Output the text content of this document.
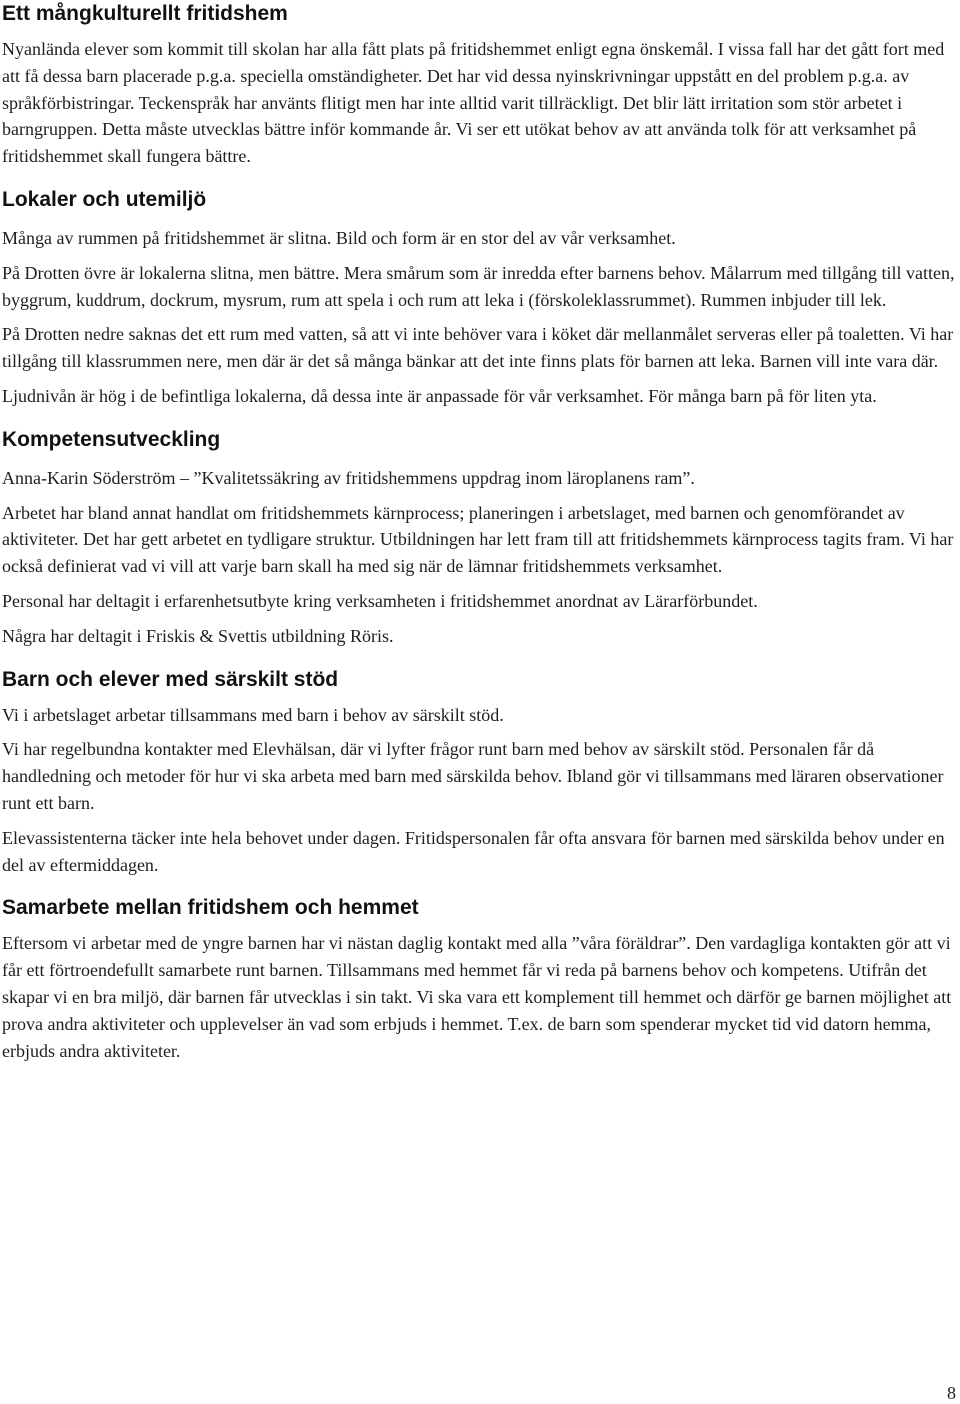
Ett mångkulturellt fritidshem

Nyanlända elever som kommit till skolan har alla fått plats på fritidshemmet enligt egna önskemål. I vissa fall har det gått fort med att få dessa barn placerade p.g.a. speciella omständigheter. Det har vid dessa nyinskrivningar uppstått en del problem p.g.a. av språkförbistringar. Teckenspråk har använts flitigt men har inte alltid varit tillräckligt. Det blir lätt irritation som stör arbetet i barngruppen. Detta måste utvecklas bättre inför kommande år. Vi ser ett utökat behov av att använda tolk för att verksamhet på fritidshemmet skall fungera bättre.

Lokaler och utemiljö

Många av rummen på fritidshemmet är slitna. Bild och form är en stor del av vår verksamhet.

På Drotten övre är lokalerna slitna, men bättre. Mera smårum som är inredda efter barnens behov. Målarrum med tillgång till vatten, byggrum, kuddrum, dockrum, mysrum, rum att spela i och rum att leka i (förskoleklassrummet). Rummen inbjuder till lek.

På Drotten nedre saknas det ett rum med vatten, så att vi inte behöver vara i köket där mellanmålet serveras eller på toaletten. Vi har tillgång till klassrummen nere, men där är det så många bänkar att det inte finns plats för barnen att leka. Barnen vill inte vara där.

Ljudnivån är hög i de befintliga lokalerna, då dessa inte är anpassade för vår verksamhet. För många barn på för liten yta.

Kompetensutveckling

Anna-Karin Söderström – ”Kvalitetssäkring av fritidshemmens uppdrag inom läroplanens ram”.

Arbetet har bland annat handlat om fritidshemmets kärnprocess; planeringen i arbetslaget, med barnen och genomförandet av aktiviteter. Det har gett arbetet en tydligare struktur. Utbildningen har lett fram till att fritidshemmets kärnprocess tagits fram. Vi har också definierat vad vi vill att varje barn skall ha med sig när de lämnar fritidshemmets verksamhet.

Personal har deltagit i erfarenhetsutbyte kring verksamheten i fritidshemmet anordnat av Lärarförbundet.

Några har deltagit i Friskis & Svettis utbildning Röris.

Barn och elever med särskilt stöd

Vi i arbetslaget arbetar tillsammans med barn i behov av särskilt stöd.

Vi har regelbundna kontakter med Elevhälsan, där vi lyfter frågor runt barn med behov av särskilt stöd. Personalen får då handledning och metoder för hur vi ska arbeta med barn med särskilda behov. Ibland gör vi tillsammans med läraren observationer runt ett barn.

Elevassistenterna täcker inte hela behovet under dagen. Fritidspersonalen får ofta ansvara för barnen med särskilda behov under en del av eftermiddagen.

Samarbete mellan fritidshem och hemmet

Eftersom vi arbetar med de yngre barnen har vi nästan daglig kontakt med alla ”våra föräldrar”. Den vardagliga kontakten gör att vi får ett förtroendefullt samarbete runt barnen. Tillsammans med hemmet får vi reda på barnens behov och kompetens. Utifrån det skapar vi en bra miljö, där barnen får utvecklas i sin takt. Vi ska vara ett komplement till hemmet och därför ge barnen möjlighet att prova andra aktiviteter och upplevelser än vad som erbjuds i hemmet. T.ex. de barn som spenderar mycket tid vid datorn hemma, erbjuds andra aktiviteter.

8
